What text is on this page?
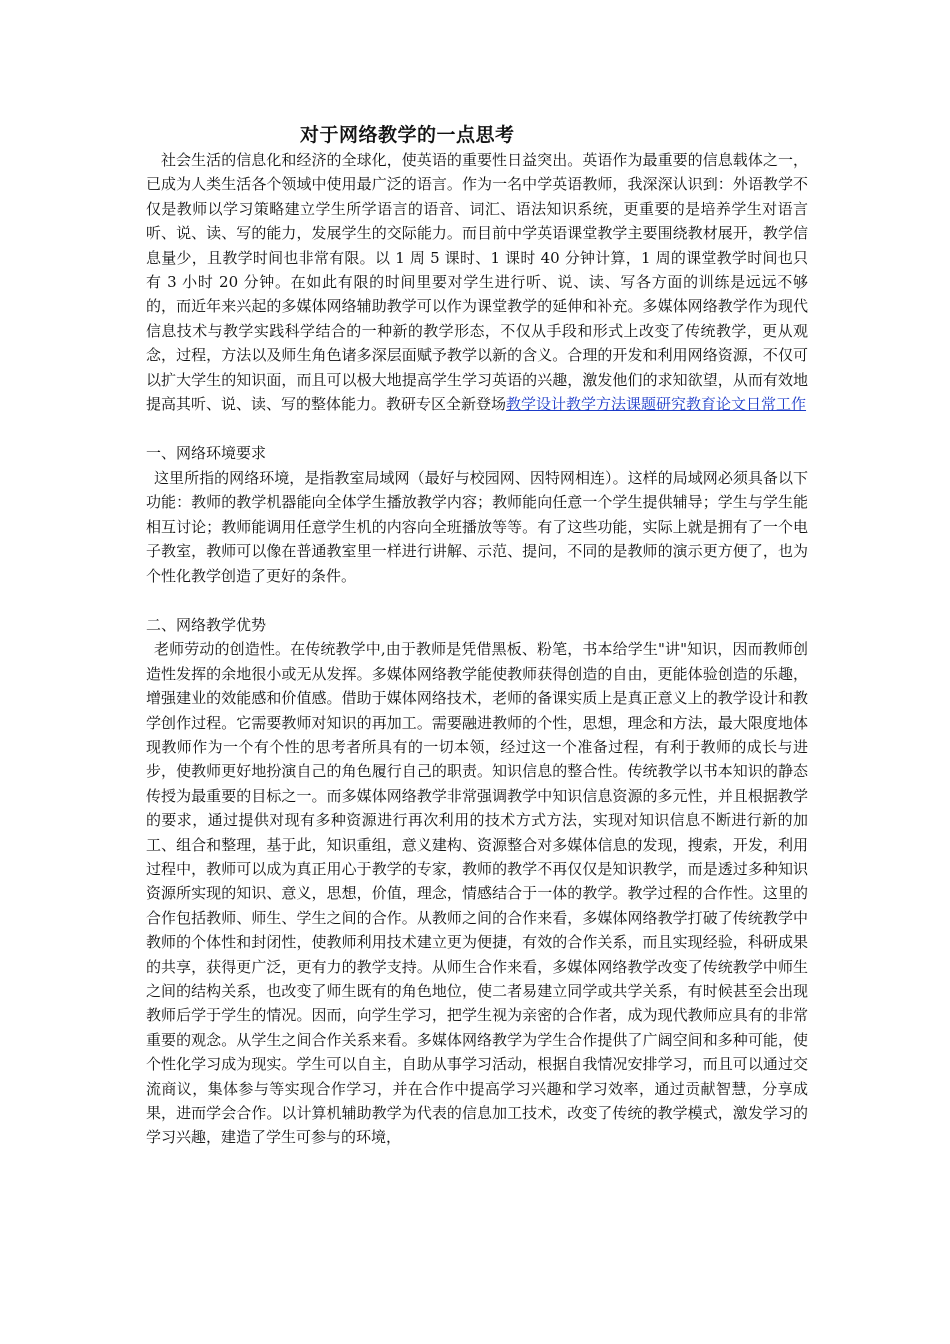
对于网络教学的一点思考

社会生活的信息化和经济的全球化，使英语的重要性日益突出。英语作为最重要的信息载体之一，已成为人类生活各个领域中使用最广泛的语言。作为一名中学英语教师，我深深认识到：外语教学不仅是教师以学习策略建立学生所学语言的语音、词汇、语法知识系统，更重要的是培养学生对语言听、说、读、写的能力，发展学生的交际能力。而目前中学英语课堂教学主要围绕教材展开，教学信息量少，且教学时间也非常有限。以 1 周 5 课时、1 课时 40 分钟计算，1 周的课堂教学时间也只有 3 小时 20 分钟。在如此有限的时间里要对学生进行听、说、读、写各方面的训练是远远不够的，而近年来兴起的多媒体网络辅助教学可以作为课堂教学的延伸和补充。多媒体网络教学作为现代信息技术与教学实践科学结合的一种新的教学形态，不仅从手段和形式上改变了传统教学，更从观念，过程，方法以及师生角色诸多深层面赋予教学以新的含义。合理的开发和利用网络资源，不仅可以扩大学生的知识面，而且可以极大地提高学生学习英语的兴趣，激发他们的求知欲望，从而有效地提高其听、说、读、写的整体能力。教研专区全新登场教学设计教学方法课题研究教育论文日常工作

一、网络环境要求

这里所指的网络环境，是指教室局域网（最好与校园网、因特网相连）。这样的局域网必须具备以下功能：教师的教学机器能向全体学生播放教学内容；教师能向任意一个学生提供辅导；学生与学生能相互讨论；教师能调用任意学生机的内容向全班播放等等。有了这些功能，实际上就是拥有了一个电子教室，教师可以像在普通教室里一样进行讲解、示范、提问，不同的是教师的演示更方便了，也为个性化教学创造了更好的条件。

二、网络教学优势

老师劳动的创造性。在传统教学中,由于教师是凭借黑板、粉笔，书本给学生"讲"知识，因而教师创造性发挥的余地很小或无从发挥。多媒体网络教学能使教师获得创造的自由，更能体验创造的乐趣，增强建业的效能感和价值感。借助于媒体网络技术，老师的备课实质上是真正意义上的教学设计和教学创作过程。它需要教师对知识的再加工。需要融进教师的个性，思想，理念和方法，最大限度地体现教师作为一个有个性的思考者所具有的一切本领，经过这一个准备过程，有利于教师的成长与进步，使教师更好地扮演自己的角色履行自己的职责。知识信息的整合性。传统教学以书本知识的静态传授为最重要的目标之一。而多媒体网络教学非常强调教学中知识信息资源的多元性，并且根据教学的要求，通过提供对现有多种资源进行再次利用的技术方式方法，实现对知识信息不断进行新的加工、组合和整理，基于此，知识重组，意义建构、资源整合对多媒体信息的发现，搜索，开发，利用过程中，教师可以成为真正用心于教学的专家，教师的教学不再仅仅是知识教学，而是透过多种知识资源所实现的知识、意义，思想，价值，理念，情感结合于一体的教学。教学过程的合作性。这里的合作包括教师、师生、学生之间的合作。从教师之间的合作来看，多媒体网络教学打破了传统教学中教师的个体性和封闭性，使教师利用技术建立更为便捷，有效的合作关系，而且实现经验，科研成果的共享，获得更广泛，更有力的教学支持。从师生合作来看，多媒体网络教学改变了传统教学中师生之间的结构关系，也改变了师生既有的角色地位，使二者易建立同学或共学关系，有时候甚至会出现教师后学于学生的情况。因而，向学生学习，把学生视为亲密的合作者，成为现代教师应具有的非常重要的观念。从学生之间合作关系来看。多媒体网络教学为学生合作提供了广阔空间和多种可能，使个性化学习成为现实。学生可以自主，自助从事学习活动，根据自我情况安排学习，而且可以通过交流商议，集体参与等实现合作学习，并在合作中提高学习兴趣和学习效率，通过贡献智慧，分享成果，进而学会合作。以计算机辅助教学为代表的信息加工技术，改变了传统的教学模式，激发学习的学习兴趣，建造了学生可参与的环境，
